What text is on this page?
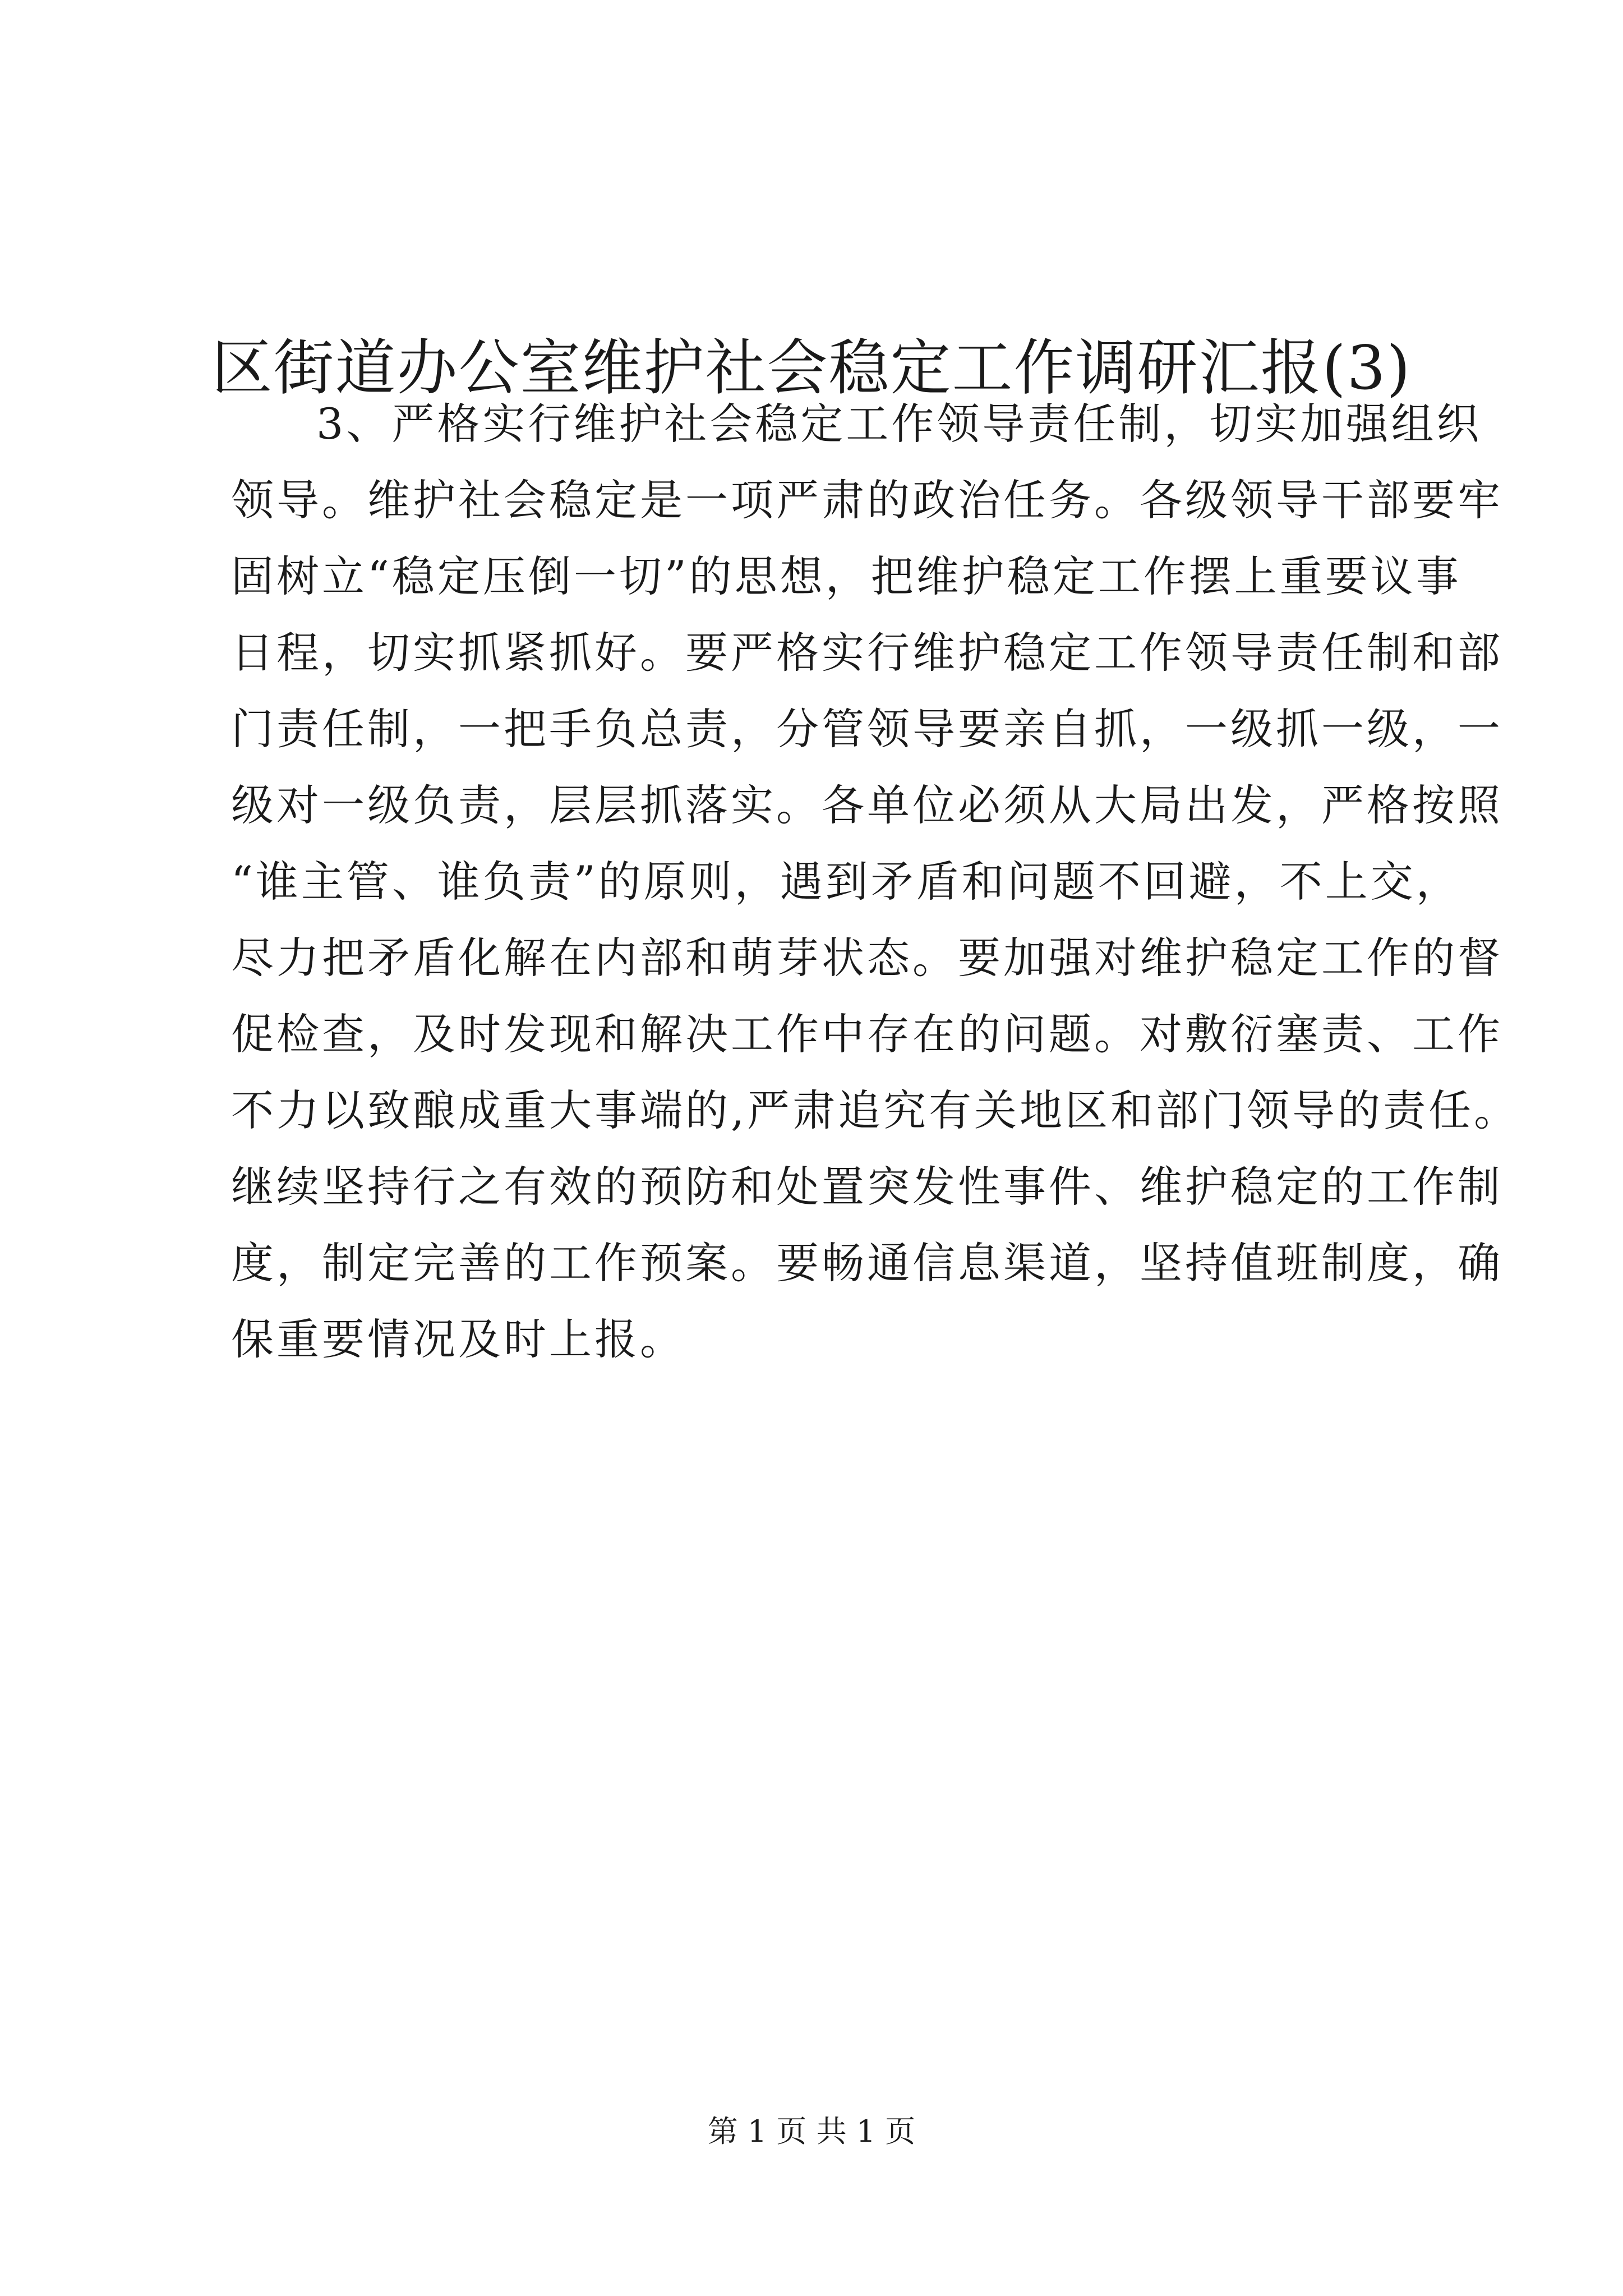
区街道办公室维护社会稳定工作调研汇报(3)
3、严格实行维护社会稳定工作领导责任制，切实加强组织
领导。维护社会稳定是一项严肃的政治任务。各级领导干部要牢
固树立“稳定压倒一切”的思想，把维护稳定工作摆上重要议事
日程，切实抓紧抓好。要严格实行维护稳定工作领导责任制和部
门责任制，一把手负总责，分管领导要亲自抓，一级抓一级，一
级对一级负责，层层抓落实。各单位必须从大局出发，严格按照
“谁主管、谁负责”的原则，遇到矛盾和问题不回避，不上交，
尽力把矛盾化解在内部和萌芽状态。要加强对维护稳定工作的督
促检查，及时发现和解决工作中存在的问题。对敷衍塞责、工作
不力以致酿成重大事端的,严肃追究有关地区和部门领导的责任。
继续坚持行之有效的预防和处置突发性事件、维护稳定的工作制
度，制定完善的工作预案。要畅通信息渠道，坚持值班制度，确
保重要情况及时上报。
第 1 页 共 1 页
